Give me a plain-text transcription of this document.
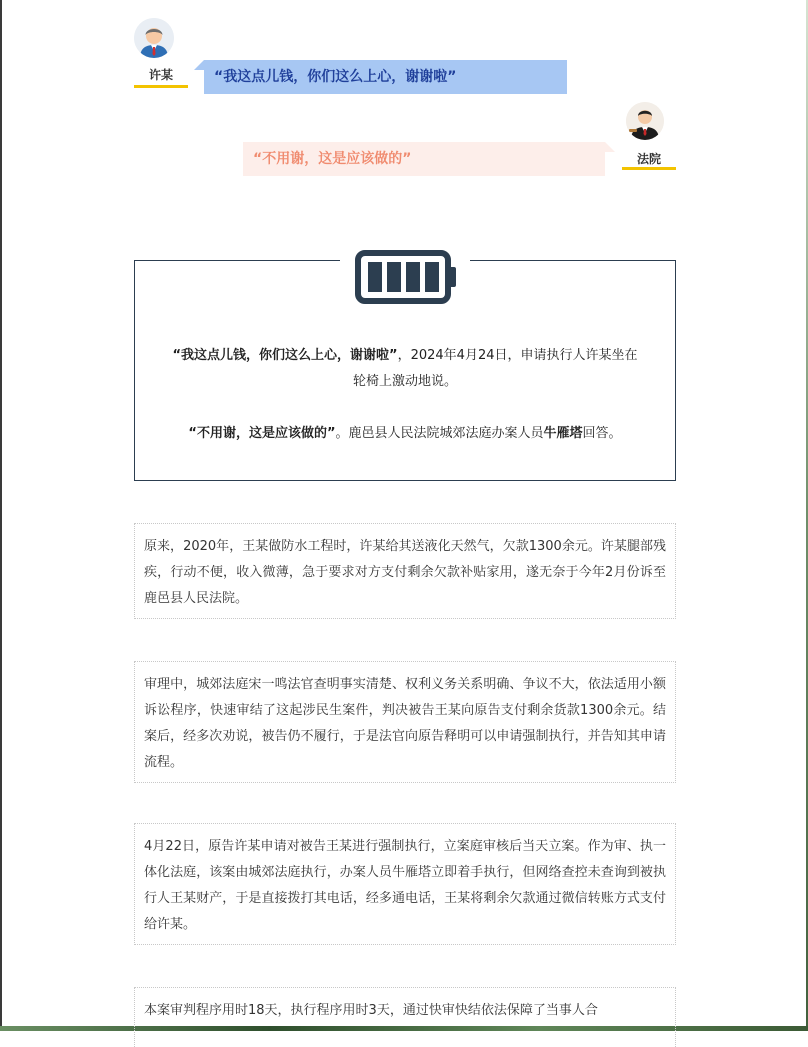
许某	“我这点儿钱，你们这么上心，谢谢啦”
法院
“不用谢，这是应该做的”
“我这点儿钱，你们这么上心，谢谢啦”，2024年4月24日，申请执行人许某坐在
轮椅上激动地说。
“不用谢，这是应该做的”。鹿邑县人民法院城郊法庭办案人员牛雁塔回答。
原来，2020年，王某做防水工程时，许某给其送液化天然气，欠款1300余元。许某腿部残疾，行动不便，收入微薄，急于要求对方支付剩余欠款补贴家用，遂无奈于今年2月份诉至鹿邑县人民法院。
审理中，城郊法庭宋一鸣法官查明事实清楚、权利义务关系明确、争议不大，依法适用小额诉讼程序，快速审结了这起涉民生案件，判决被告王某向原告支付剩余货款1300余元。结案后，经多次劝说，被告仍不履行，于是法官向原告释明可以申请强制执行，并告知其申请流程。
4月22日，原告许某申请对被告王某进行强制执行，立案庭审核后当天立案。作为审、执一体化法庭，该案由城郊法庭执行，办案人员牛雁塔立即着手执行，但网络查控未查询到被执行人王某财产，于是直接拨打其电话，经多通电话，王某将剩余欠款通过微信转账方式支付给许某。
本案审判程序用时18天，执行程序用时3天，通过快审快结依法保障了当事人合
